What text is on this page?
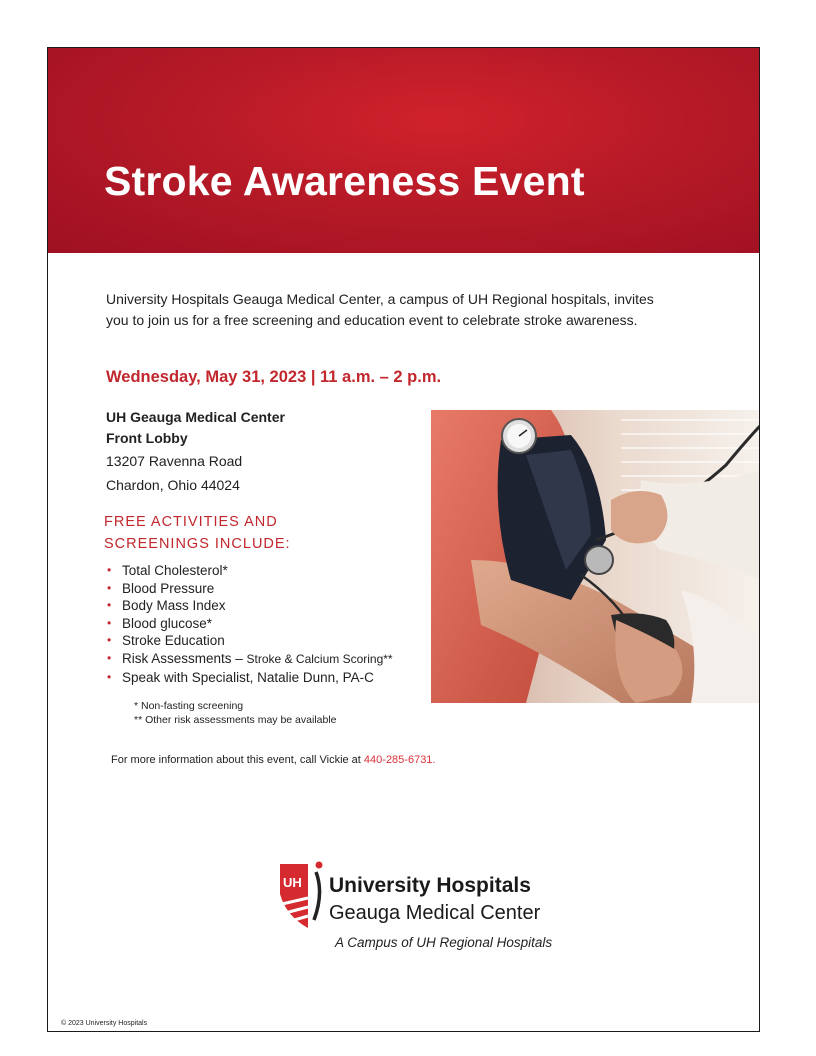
Stroke Awareness Event
University Hospitals Geauga Medical Center, a campus of UH Regional hospitals, invites
you to join us for a free screening and education event to celebrate stroke awareness.
Wednesday, May 31, 2023 | 11 a.m. – 2 p.m.
UH Geauga Medical Center
Front Lobby
13207 Ravenna Road
Chardon, Ohio 44024
FREE ACTIVITIES AND
SCREENINGS INCLUDE:
• Total Cholesterol*
• Blood Pressure
• Body Mass Index
• Blood glucose*
• Stroke Education
• Risk Assessments – Stroke & Calcium Scoring**
• Speak with Specialist, Natalie Dunn, PA-C
* Non-fasting screening
** Other risk assessments may be available
For more information about this event, call Vickie at 440-285-6731.
UH University Hospitals
Geauga Medical Center
A Campus of UH Regional Hospitals
© 2023 University Hospitals
